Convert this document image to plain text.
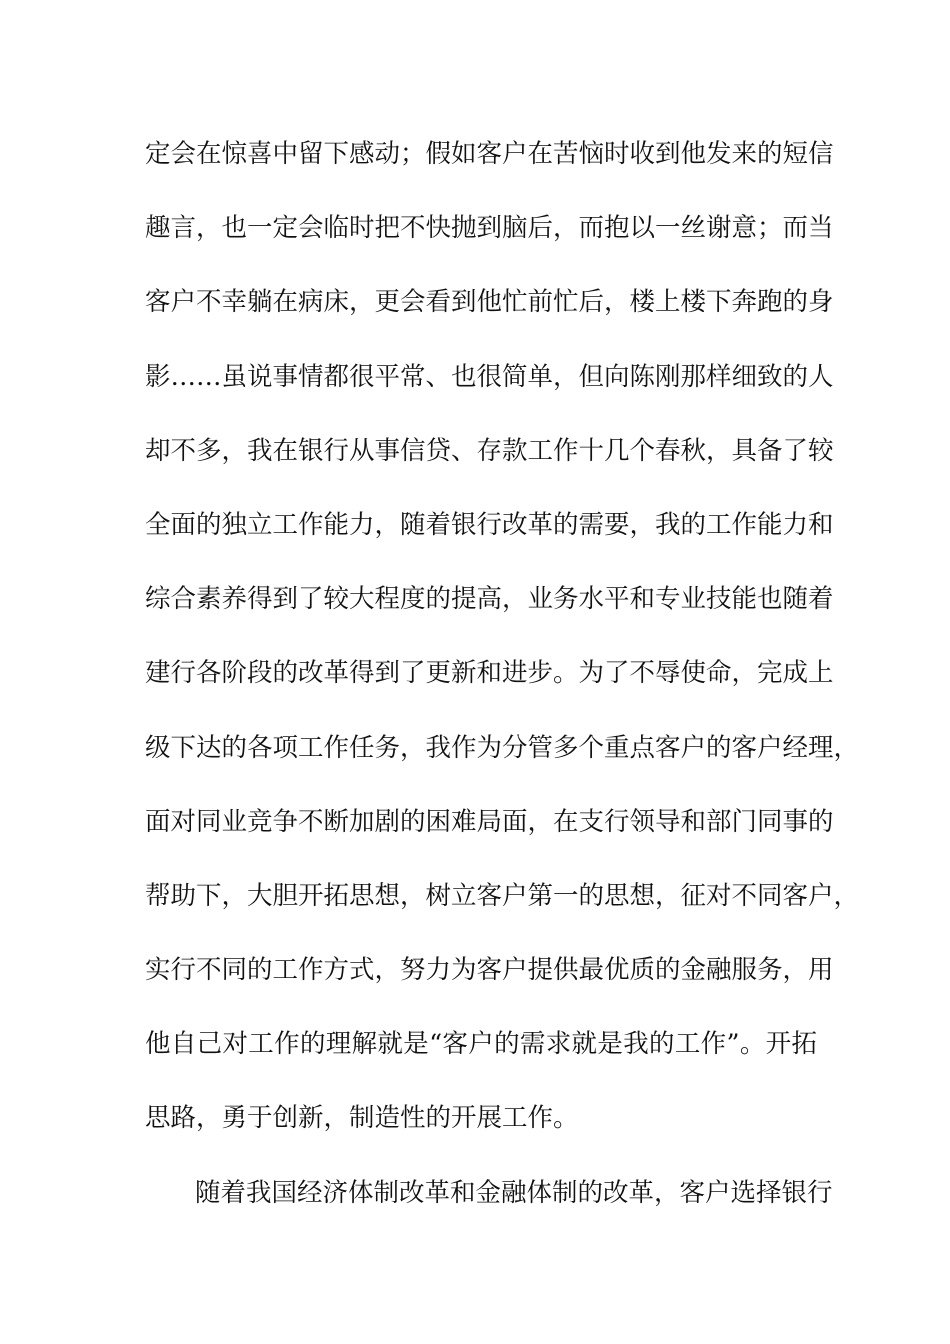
定会在惊喜中留下感动；假如客户在苦恼时收到他发来的短信
趣言，也一定会临时把不快抛到脑后，而抱以一丝谢意；而当
客户不幸躺在病床，更会看到他忙前忙后，楼上楼下奔跑的身
影……虽说事情都很平常、也很简单，但向陈刚那样细致的人
却不多，我在银行从事信贷、存款工作十几个春秋，具备了较
全面的独立工作能力，随着银行改革的需要，我的工作能力和
综合素养得到了较大程度的提高，业务水平和专业技能也随着
建行各阶段的改革得到了更新和进步。为了不辱使命，完成上
级下达的各项工作任务，我作为分管多个重点客户的客户经理，
面对同业竞争不断加剧的困难局面，在支行领导和部门同事的
帮助下，大胆开拓思想，树立客户第一的思想，征对不同客户，
实行不同的工作方式，努力为客户提供最优质的金融服务，用
他自己对工作的理解就是“客户的需求就是我的工作”。开拓
思路，勇于创新，制造性的开展工作。
随着我国经济体制改革和金融体制的改革，客户选择银行
